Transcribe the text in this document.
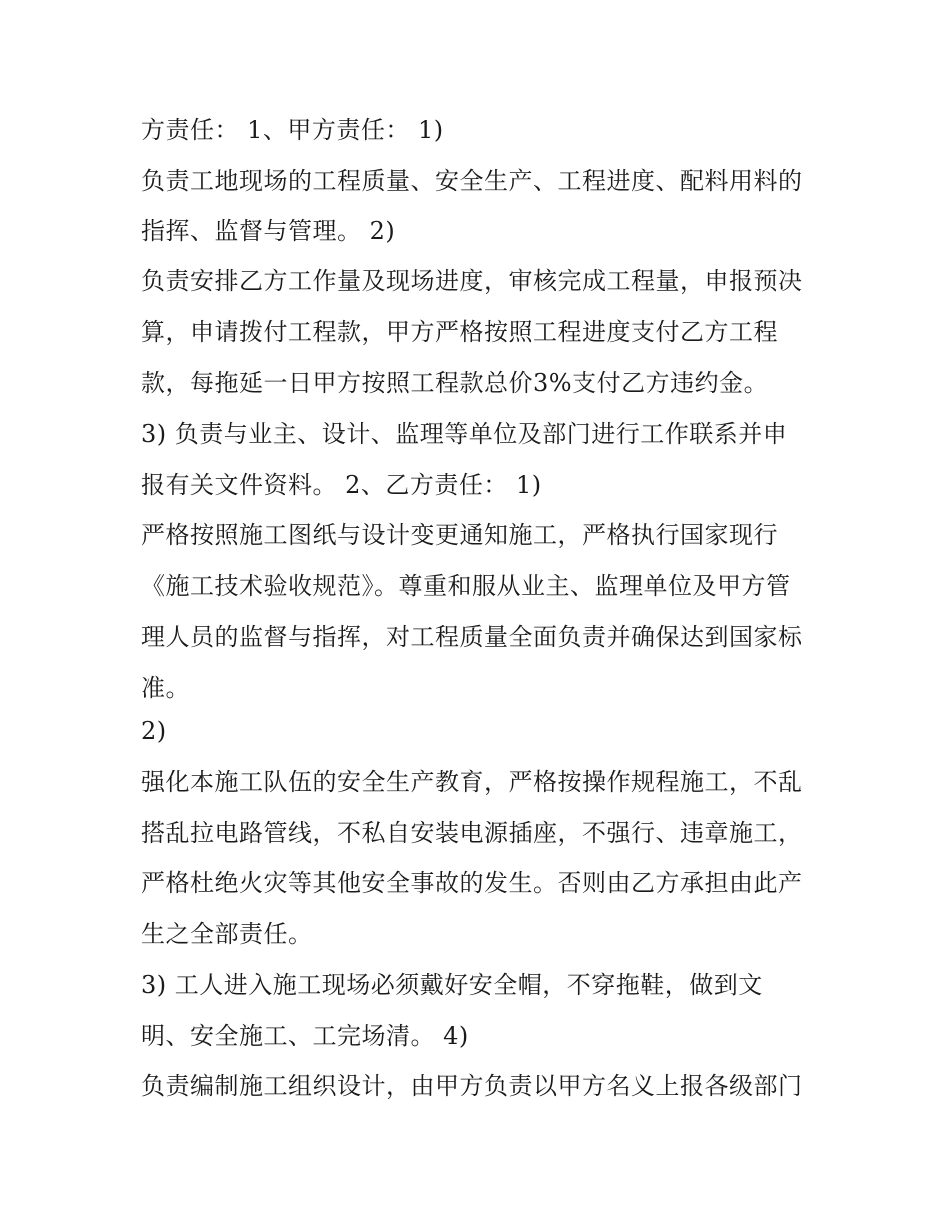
方责任： 1、甲方责任： 1)
负责工地现场的工程质量、安全生产、工程进度、配料用料的
指挥、监督与管理。 2)
负责安排乙方工作量及现场进度，审核完成工程量，申报预决
算，申请拨付工程款，甲方严格按照工程进度支付乙方工程
款，每拖延一日甲方按照工程款总价3%支付乙方违约金。
3) 负责与业主、设计、监理等单位及部门进行工作联系并申
报有关文件资料。 2、乙方责任： 1)
严格按照施工图纸与设计变更通知施工，严格执行国家现行
《施工技术验收规范》。尊重和服从业主、监理单位及甲方管
理人员的监督与指挥，对工程质量全面负责并确保达到国家标
准。
2)
强化本施工队伍的安全生产教育，严格按操作规程施工，不乱
搭乱拉电路管线，不私自安装电源插座，不强行、违章施工，
严格杜绝火灾等其他安全事故的发生。否则由乙方承担由此产
生之全部责任。
3) 工人进入施工现场必须戴好安全帽，不穿拖鞋，做到文
明、安全施工、工完场清。 4)
负责编制施工组织设计，由甲方负责以甲方名义上报各级部门
